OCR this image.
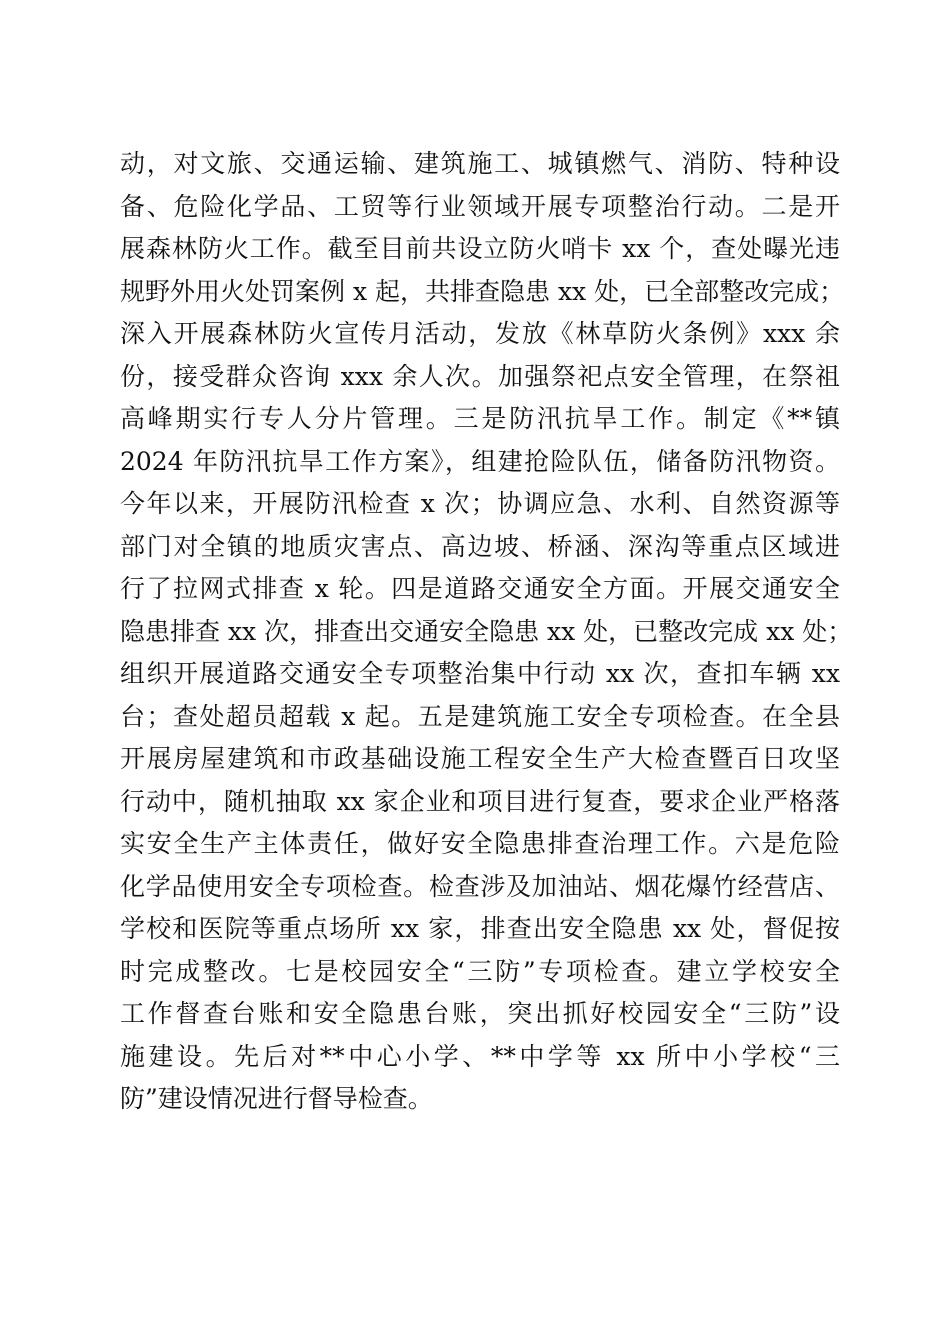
动，对文旅、交通运输、建筑施工、城镇燃气、消防、特种设
备、危险化学品、工贸等行业领域开展专项整治行动。二是开
展森林防火工作。截至目前共设立防火哨卡 xx 个，查处曝光违
规野外用火处罚案例 x 起，共排查隐患 xx 处，已全部整改完成；
深入开展森林防火宣传月活动，发放《林草防火条例》xxx 余
份，接受群众咨询 xxx 余人次。加强祭祀点安全管理，在祭祖
高峰期实行专人分片管理。三是防汛抗旱工作。制定《**镇
2024 年防汛抗旱工作方案》，组建抢险队伍，储备防汛物资。
今年以来，开展防汛检查 x 次；协调应急、水利、自然资源等
部门对全镇的地质灾害点、高边坡、桥涵、深沟等重点区域进
行了拉网式排查 x 轮。四是道路交通安全方面。开展交通安全
隐患排查 xx 次，排查出交通安全隐患 xx 处，已整改完成 xx 处；
组织开展道路交通安全专项整治集中行动 xx 次，查扣车辆 xx
台；查处超员超载 x 起。五是建筑施工安全专项检查。在全县
开展房屋建筑和市政基础设施工程安全生产大检查暨百日攻坚
行动中，随机抽取 xx 家企业和项目进行复查，要求企业严格落
实安全生产主体责任，做好安全隐患排查治理工作。六是危险
化学品使用安全专项检查。检查涉及加油站、烟花爆竹经营店、
学校和医院等重点场所 xx 家，排查出安全隐患 xx 处，督促按
时完成整改。七是校园安全“三防”专项检查。建立学校安全
工作督查台账和安全隐患台账，突出抓好校园安全“三防”设
施建设。先后对**中心小学、**中学等 xx 所中小学校“三
防”建设情况进行督导检查。
